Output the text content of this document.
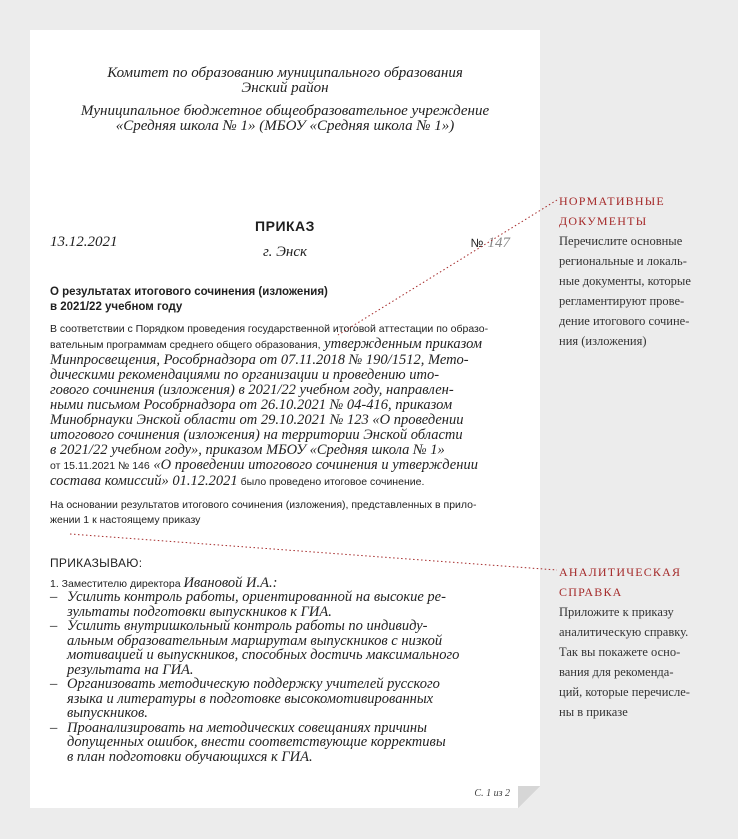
Комитет по образованию муниципального образования
Энский район
Муниципальное бюджетное общеобразовательное учреждение
«Средняя школа № 1» (МБОУ «Средняя школа № 1»)
ПРИКАЗ
13.12.2021
г. Энск
№ 147
О результатах итогового сочинения (изложения)
в 2021/22 учебном году
В соответствии с Порядком проведения государственной итоговой аттестации по образо-
вательным программам среднего общего образования, утвержденным приказом
Минпросвещения, Рособрнадзора от 07.11.2018 № 190/1512, Мето-
дическими рекомендациями по организации и проведению ито-
гового сочинения (изложения) в 2021/22 учебном году, направлен-
ными письмом Рособрнадзора от 26.10.2021 № 04-416, приказом
Минобрнауки Энской области от 29.10.2021 № 123 «О проведении
итогового сочинения (изложения) на территории Энской области
в 2021/22 учебном году», приказом МБОУ «Средняя школа № 1»
от 15.11.2021 № 146 «О проведении итогового сочинения и утверждении
состава комиссий» 01.12.2021 было проведено итоговое сочинение.
На основании результатов итогового сочинения (изложения), представленных в прило-
жении 1 к настоящему приказу
ПРИКАЗЫВАЮ:
1. Заместителю директора Ивановой И.А.:
– Усилить контроль работы, ориентированной на высокие ре-
зультаты подготовки выпускников к ГИА.
– Усилить внутришкольный контроль работы по индивиду-
альным образовательным маршрутам выпускников с низкой
мотивацией и выпускников, способных достичь максимального
результата на ГИА.
– Организовать методическую поддержку учителей русского
языка и литературы в подготовке высокомотивированных
выпускников.
– Проанализировать на методических совещаниях причины
допущенных ошибок, внести соответствующие коррективы
в план подготовки обучающихся к ГИА.
С. 1 из 2
НОРМАТИВНЫЕ
ДОКУМЕНТЫ
Перечислите основные
региональные и локаль-
ные документы, которые
регламентируют прове-
дение итогового сочине-
ния (изложения)
АНАЛИТИЧЕСКАЯ
СПРАВКА
Приложите к приказу
аналитическую справку.
Так вы покажете осно-
вания для рекоменда-
ций, которые перечисле-
ны в приказе
